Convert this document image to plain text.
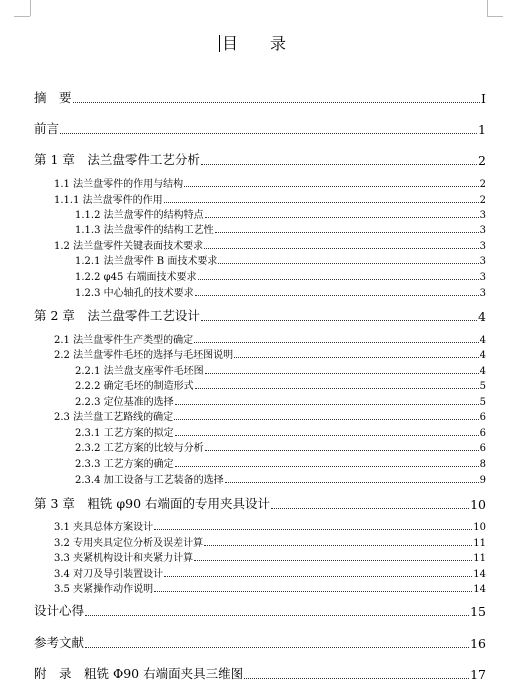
目　录
摘　要	I
前言	1
第 1 章　法兰盘零件工艺分析	2
1.1 法兰盘零件的作用与结构	2
1.1.1 法兰盘零件的作用	2
1.1.2 法兰盘零件的结构特点	3
1.1.3 法兰盘零件的结构工艺性	3
1.2 法兰盘零件关键表面技术要求	3
1.2.1 法兰盘零件 B 面技术要求	3
1.2.2 φ45 右端面技术要求	3
1.2.3 中心轴孔的技术要求	3
第 2 章　法兰盘零件工艺设计	4
2.1 法兰盘零件生产类型的确定	4
2.2 法兰盘零件毛坯的选择与毛坯图说明	4
2.2.1 法兰盘支座零件毛坯图	4
2.2.2 确定毛坯的制造形式	5
2.2.3 定位基准的选择	5
2.3 法兰盘工艺路线的确定	6
2.3.1 工艺方案的拟定	6
2.3.2 工艺方案的比较与分析	6
2.3.3 工艺方案的确定	8
2.3.4 加工设备与工艺装备的选择	9
第 3 章　粗铣 φ90 右端面的专用夹具设计	10
3.1 夹具总体方案设计	10
3.2 专用夹具定位分析及误差计算	11
3.3 夹紧机构设计和夹紧力计算	11
3.4 对刀及导引装置设计	14
3.5 夹紧操作动作说明	14
设计心得	15
参考文献	16
附　录　粗铣 Φ90 右端面夹具三维图	17
